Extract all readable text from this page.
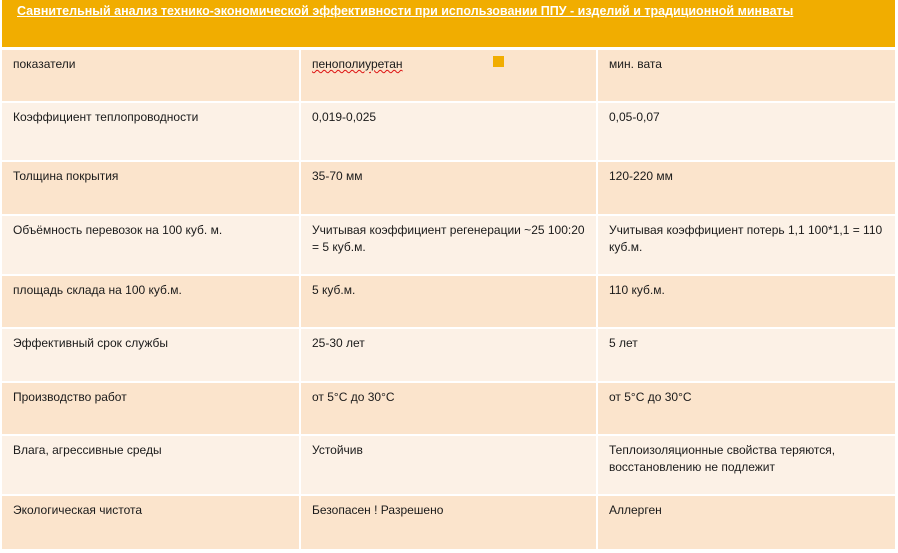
Савнительный анализ технико-экономической эффективности при использовании ППУ - изделий и традиционной минваты
показатели	пенополиуретан	мин. вата
Коэффициент теплопроводности	0,019-0,025	0,05-0,07
Толщина покрытия	35-70 мм	120-220 мм
Объёмность перевозок на 100 куб. м.	Учитывая коэффициент регенерации ~25 100:20 = 5 куб.м.	Учитывая коэффициент потерь 1,1 100*1,1 = 110 куб.м.
площадь склада на 100 куб.м.	5 куб.м.	110 куб.м.
Эффективный срок службы	25-30 лет	5 лет
Производство работ	от 5°С до 30°С	от 5°С до 30°С
Влага, агрессивные среды	Устойчив	Теплоизоляционные свойства теряются, восстановлению не подлежит
Экологическая чистота	Безопасен ! Разрешено	Аллерген
